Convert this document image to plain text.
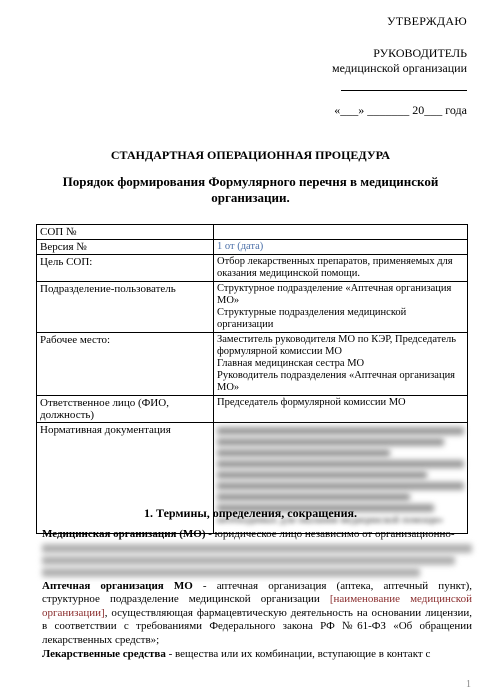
УТВЕРЖДАЮ
РУКОВОДИТЕЛЬ
медицинской организации
«___» _______ 20___ года
СТАНДАРТНАЯ ОПЕРАЦИОННАЯ ПРОЦЕДУРА
Порядок формирования Формулярного перечня в медицинской организации.
СОП №	
Версия №	1 от (дата)
Цель СОП:	Отбор лекарственных препаратов, применяемых для оказания медицинской помощи.
Подразделение-пользователь	Структурное подразделение «Аптечная организация МО»
Структурные подразделения медицинской организации

Рабочее место:	Заместитель руководителя МО по КЭР, Председатель формулярной комиссии МО
Главная медицинская сестра МО
Руководитель подразделения «Аптечная организация МО»

Ответственное лицо (ФИО, должность)	Председатель формулярной комиссии МО
Нормативная документация	необходимых для оказания медицинской помощи»
1. Термины, определения, сокращения.

Медицинская организация (МО) - юридическое лицо независимо от организационно-

Аптечная организация МО - аптечная организация (аптека, аптечный пункт), структурное подразделение медицинской организации [наименование медицинской организации], осуществляющая фармацевтическую деятельность на основании лицензии, в соответствии с требованиями Федерального закона РФ №61-ФЗ «Об обращении лекарственных средств»;

Лекарственные средства - вещества или их комбинации, вступающие в контакт с

1
